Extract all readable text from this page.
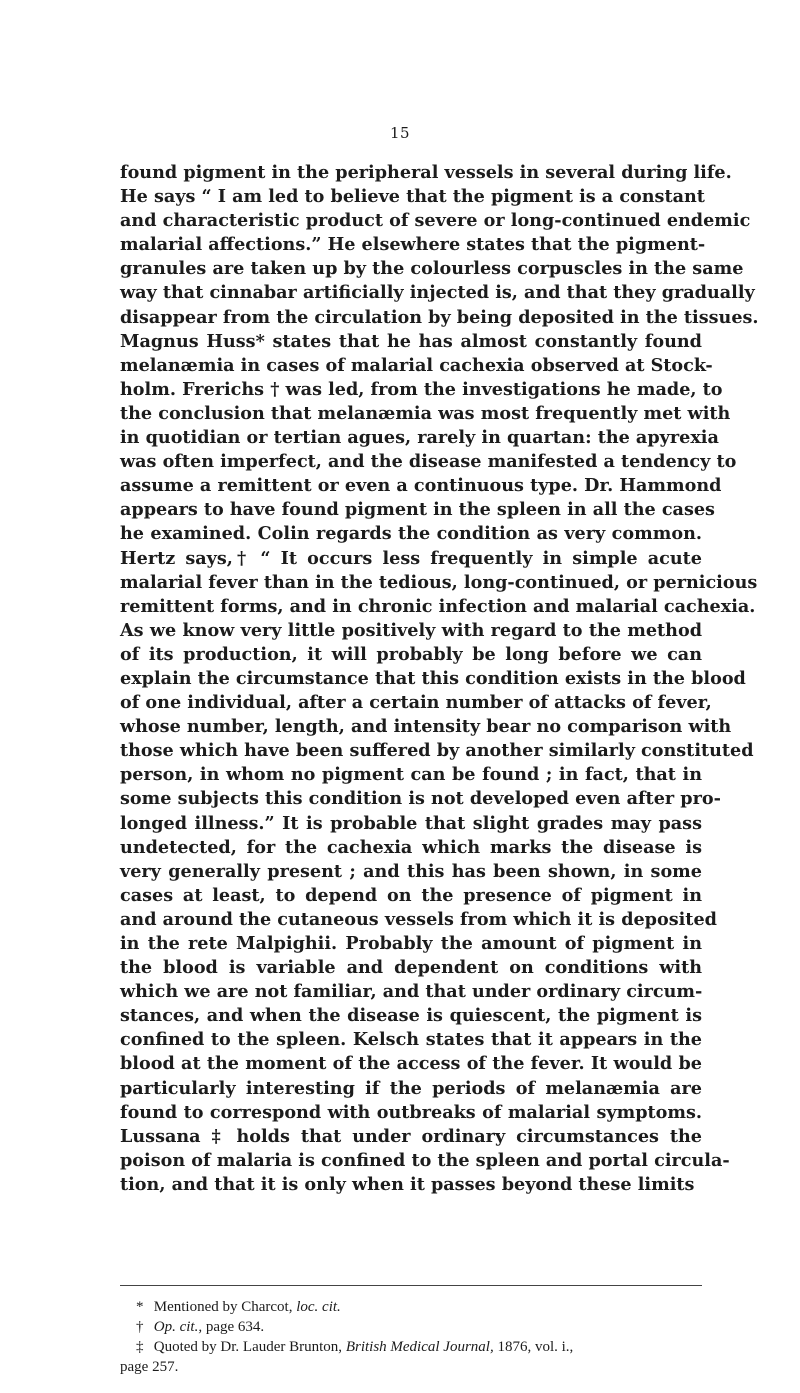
15
found pigment in the peripheral vessels in several during life.
He says “ I am led to believe that the pigment is a constant
and characteristic product of severe or long-continued endemic
malarial affections.” He elsewhere states that the pigment-
granules are taken up by the colourless corpuscles in the same
way that cinnabar artificially injected is, and that they gradually
disappear from the circulation by being deposited in the tissues.
Magnus Huss* states that he has almost constantly found
melanæmia in cases of malarial cachexia observed at Stock-
holm. Frerichs † was led, from the investigations he made, to
the conclusion that melanæmia was most frequently met with
in quotidian or tertian agues, rarely in quartan: the apyrexia
was often imperfect, and the disease manifested a tendency to
assume a remittent or even a continuous type. Dr. Hammond
appears to have found pigment in the spleen in all the cases
he examined. Colin regards the condition as very common.
Hertz says,† “ It occurs less frequently in simple acute
malarial fever than in the tedious, long-continued, or pernicious
remittent forms, and in chronic infection and malarial cachexia.
As we know very little positively with regard to the method
of its production, it will probably be long before we can
explain the circumstance that this condition exists in the blood
of one individual, after a certain number of attacks of fever,
whose number, length, and intensity bear no comparison with
those which have been suffered by another similarly constituted
person, in whom no pigment can be found ; in fact, that in
some subjects this condition is not developed even after pro-
longed illness.” It is probable that slight grades may pass
undetected, for the cachexia which marks the disease is
very generally present ; and this has been shown, in some
cases at least, to depend on the presence of pigment in
and around the cutaneous vessels from which it is deposited
in the rete Malpighii. Probably the amount of pigment in
the blood is variable and dependent on conditions with
which we are not familiar, and that under ordinary circum-
stances, and when the disease is quiescent, the pigment is
confined to the spleen. Kelsch states that it appears in the
blood at the moment of the access of the fever. It would be
particularly interesting if the periods of melanæmia are
found to correspond with outbreaks of malarial symptoms.
Lussana ‡ holds that under ordinary circumstances the
poison of malaria is confined to the spleen and portal circula-
tion, and that it is only when it passes beyond these limits
* Mentioned by Charcot, loc. cit.
† Op. cit., page 634.
‡ Quoted by Dr. Lauder Brunton, British Medical Journal, 1876, vol. i.,
page 257.
